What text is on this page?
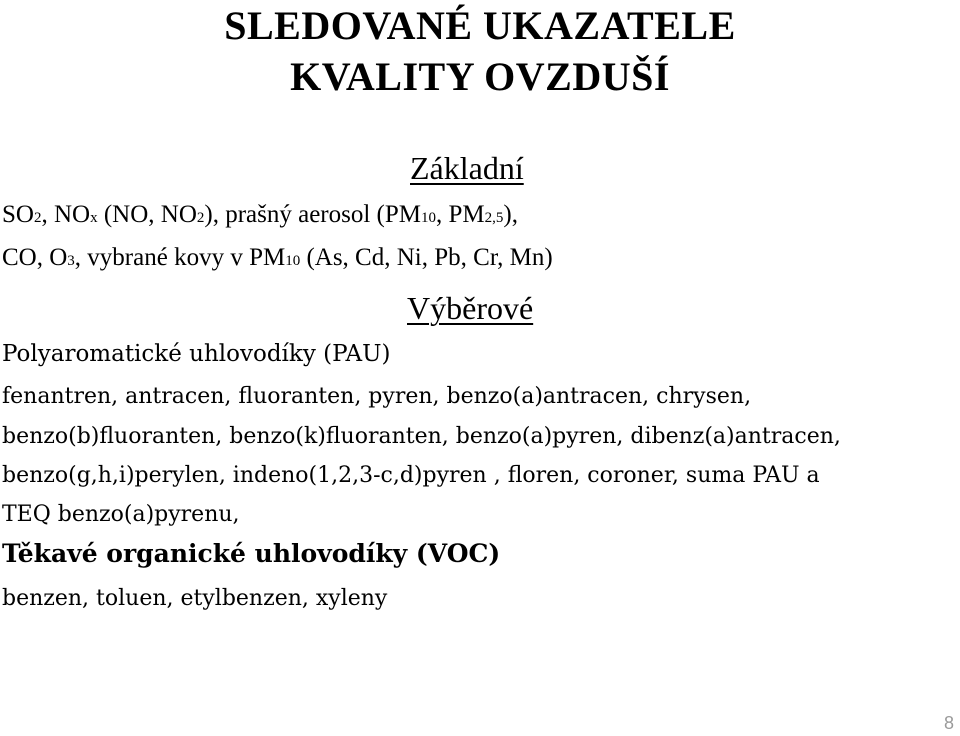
SLEDOVANÉ UKAZATELE
KVALITY OVZDUŠÍ
Základní
SO2, NOx (NO, NO2), prašný aerosol (PM10, PM2,5),
CO, O3, vybrané kovy v PM10 (As, Cd, Ni, Pb, Cr, Mn)
Výběrové
Polyaromatické uhlovodíky (PAU)
fenantren, antracen, fluoranten, pyren, benzo(a)antracen, chrysen,
benzo(b)fluoranten, benzo(k)fluoranten, benzo(a)pyren, dibenz(a)antracen,
benzo(g,h,i)perylen, indeno(1,2,3-c,d)pyren , floren, coroner, suma PAU a
TEQ benzo(a)pyrenu,
Těkavé organické uhlovodíky (VOC)
benzen, toluen, etylbenzen, xyleny
8
